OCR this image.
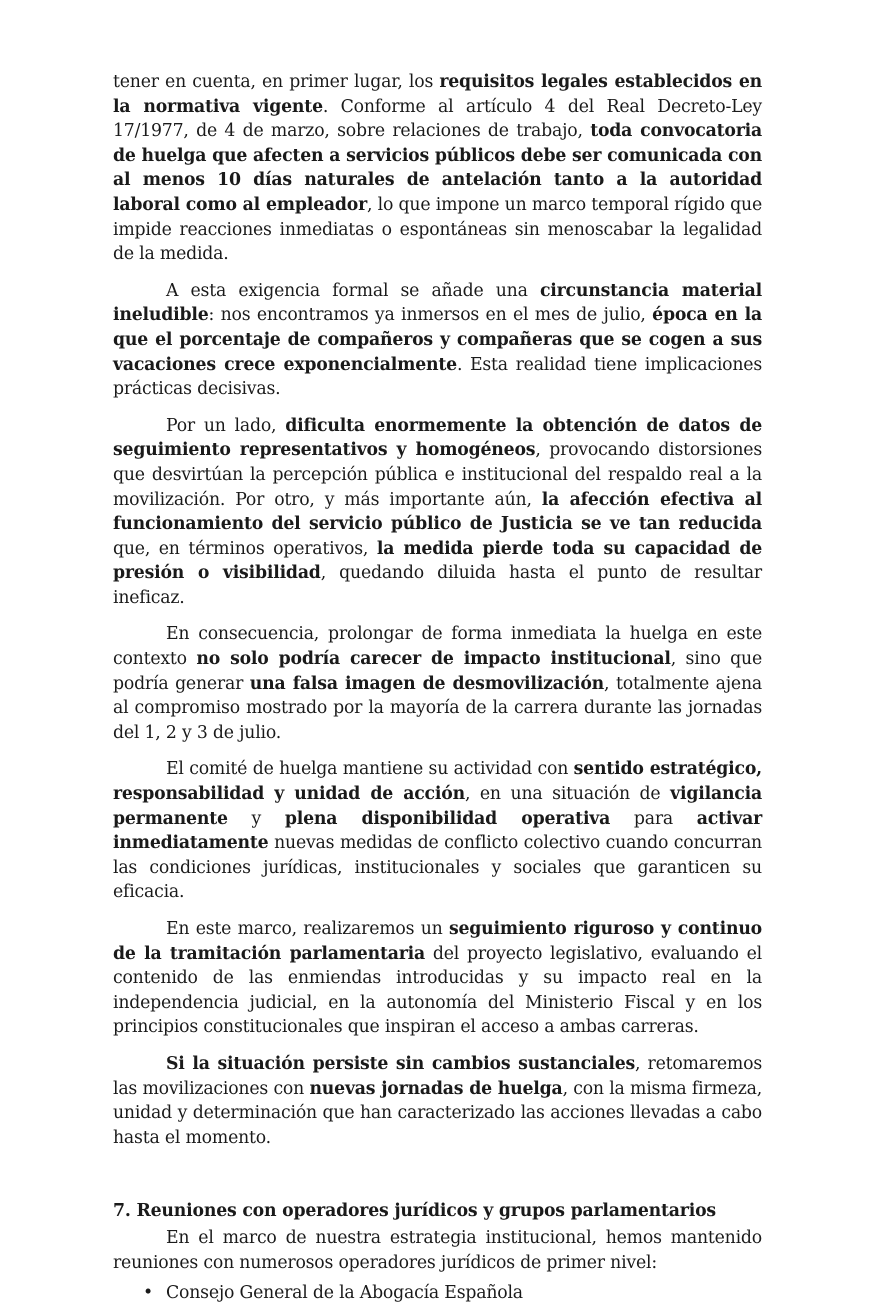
tener en cuenta, en primer lugar, los requisitos legales establecidos en la normativa vigente. Conforme al artículo 4 del Real Decreto-Ley 17/1977, de 4 de marzo, sobre relaciones de trabajo, toda convocatoria de huelga que afecten a servicios públicos debe ser comunicada con al menos 10 días naturales de antelación tanto a la autoridad laboral como al empleador, lo que impone un marco temporal rígido que impide reacciones inmediatas o espontáneas sin menoscabar la legalidad de la medida.

A esta exigencia formal se añade una circunstancia material ineludible: nos encontramos ya inmersos en el mes de julio, época en la que el porcentaje de compañeros y compañeras que se cogen a sus vacaciones crece exponencialmente. Esta realidad tiene implicaciones prácticas decisivas.

Por un lado, dificulta enormemente la obtención de datos de seguimiento representativos y homogéneos, provocando distorsiones que desvirtúan la percepción pública e institucional del respaldo real a la movilización. Por otro, y más importante aún, la afección efectiva al funcionamiento del servicio público de Justicia se ve tan reducida que, en términos operativos, la medida pierde toda su capacidad de presión o visibilidad, quedando diluida hasta el punto de resultar ineficaz.

En consecuencia, prolongar de forma inmediata la huelga en este contexto no solo podría carecer de impacto institucional, sino que podría generar una falsa imagen de desmovilización, totalmente ajena al compromiso mostrado por la mayoría de la carrera durante las jornadas del 1, 2 y 3 de julio.

El comité de huelga mantiene su actividad con sentido estratégico, responsabilidad y unidad de acción, en una situación de vigilancia permanente y plena disponibilidad operativa para activar inmediatamente nuevas medidas de conflicto colectivo cuando concurran las condiciones jurídicas, institucionales y sociales que garanticen su eficacia.

En este marco, realizaremos un seguimiento riguroso y continuo de la tramitación parlamentaria del proyecto legislativo, evaluando el contenido de las enmiendas introducidas y su impacto real en la independencia judicial, en la autonomía del Ministerio Fiscal y en los principios constitucionales que inspiran el acceso a ambas carreras.

Si la situación persiste sin cambios sustanciales, retomaremos las movilizaciones con nuevas jornadas de huelga, con la misma firmeza, unidad y determinación que han caracterizado las acciones llevadas a cabo hasta el momento.

7. Reuniones con operadores jurídicos y grupos parlamentarios

En el marco de nuestra estrategia institucional, hemos mantenido reuniones con numerosos operadores jurídicos de primer nivel:

• Consejo General de la Abogacía Española
